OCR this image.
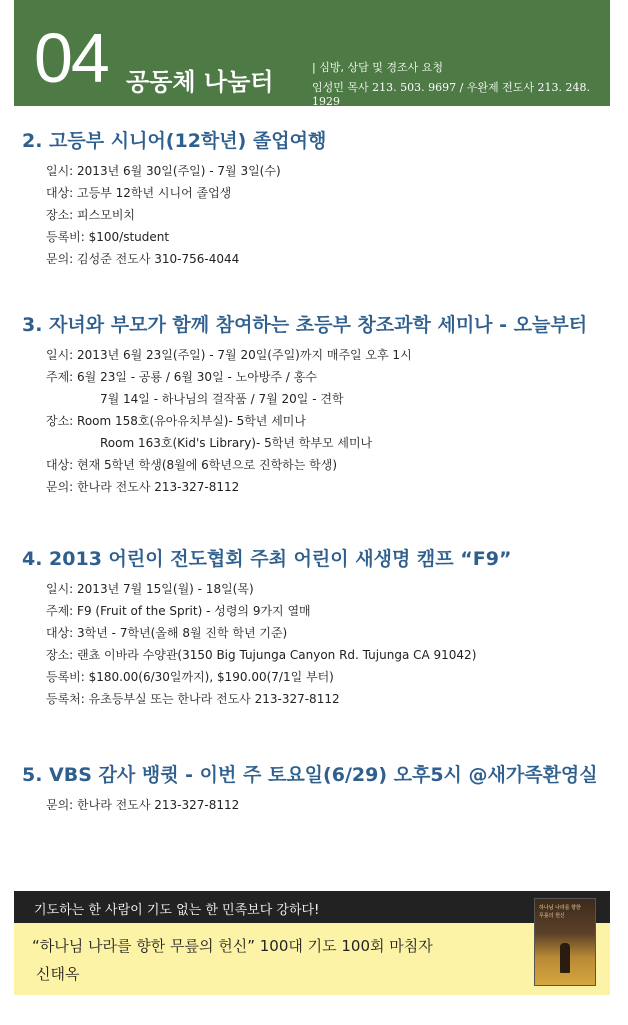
04 공동체 나눔터
| 심방, 상담 및 경조사 요청
임성민 목사 213. 503. 9697 / 우완제 전도사 213. 248. 1929
2. 고등부 시니어(12학년) 졸업여행
일시: 2013년 6월 30일(주일) - 7월 3일(수)
대상: 고등부 12학년 시니어 졸업생
장소: 피스모비치
등록비: $100/student
문의: 김성준 전도사 310-756-4044
3. 자녀와 부모가 함께 참여하는 초등부 창조과학 세미나 - 오늘부터
일시: 2013년 6월 23일(주일) - 7월 20일(주일)까지 매주일 오후 1시
주제: 6월 23일 - 공룡 / 6월 30일 - 노아방주 / 홍수
7월 14일 - 하나님의 걸작품 / 7월 20일 - 견학
장소: Room 158호(유아유치부실)- 5학년 세미나
Room 163호(Kid's Library)- 5학년 학부모 세미나
대상: 현재 5학년 학생(8월에 6학년으로 진학하는 학생)
문의: 한나라 전도사 213-327-8112
4. 2013 어린이 전도협회 주최 어린이 새생명 캠프 “F9”
일시: 2013년 7월 15일(월) - 18일(목)
주제: F9 (Fruit of the Sprit) - 성령의 9가지 열매
대상: 3학년 - 7학년(올해 8월 진학 학년 기준)
장소: 랜쵸 이바라 수양관(3150 Big Tujunga Canyon Rd. Tujunga CA 91042)
등록비: $180.00(6/30일까지), $190.00(7/1일 부터)
등록처: 유초등부실 또는 한나라 전도사 213-327-8112
5. VBS 감사 뱅큇 - 이번 주 토요일(6/29) 오후5시 @새가족환영실
문의: 한나라 전도사 213-327-8112
기도하는 한 사람이 기도 없는 한 민족보다 강하다!
“하나님 나라를 향한 무릎의 헌신” 100대 기도 100회 마침자
신태옥
하나님 나라를 향한
무릎의 헌신
